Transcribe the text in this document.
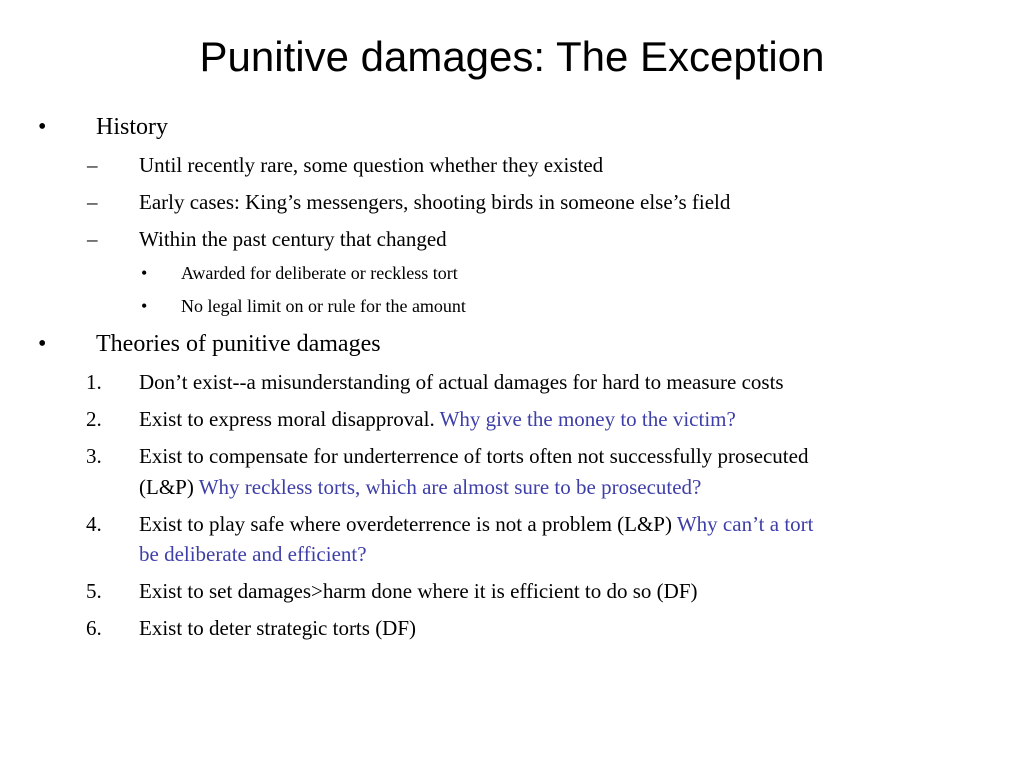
Punitive damages: The Exception
• History
– Until recently rare, some question whether they existed
– Early cases: King’s messengers, shooting birds in someone else’s field
– Within the past century that changed
• Awarded for deliberate or reckless tort
• No legal limit on or rule for the amount
• Theories of punitive damages
1. Don’t exist--a misunderstanding of actual damages for hard to measure costs
2. Exist to express moral disapproval. Why give the money to the victim?
3. Exist to compensate for underterrence of torts often not successfully prosecuted
(L&P) Why reckless torts, which are almost sure to be prosecuted?
4. Exist to play safe where overdeterrence is not a problem (L&P) Why can’t a tort
be deliberate and efficient?
5. Exist to set damages>harm done where it is efficient to do so (DF)
6. Exist to deter strategic torts (DF)
